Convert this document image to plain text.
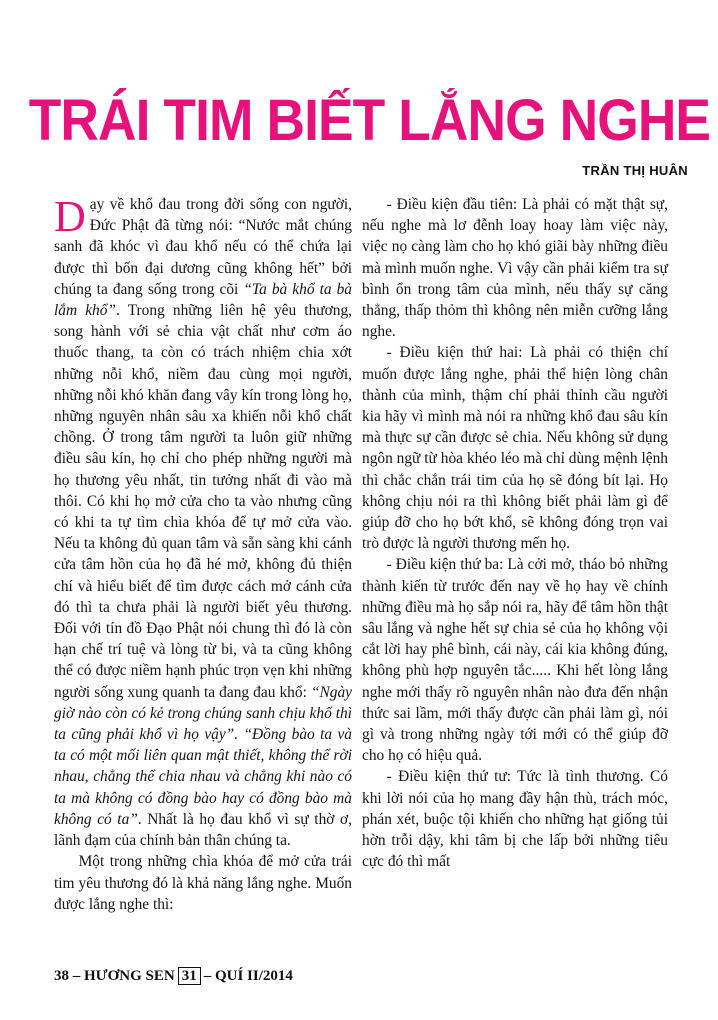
TRÁI TIM BIẾT LẮNG NGHE
TRẦN THỊ HUÂN

Dạy về khổ đau trong đời sống con người, Đức Phật đã từng nói: “Nước mắt chúng sanh đã khóc vì đau khổ nếu có thể chứa lại được thì bốn đại dương cũng không hết” bởi chúng ta đang sống trong cõi “Ta bà khổ ta bà lắm khổ”. Trong những liên hệ yêu thương, song hành với sẻ chia vật chất như cơm áo thuốc thang, ta còn có trách nhiệm chia xớt những nỗi khổ, niềm đau cùng mọi người, những nỗi khó khăn đang vây kín trong lòng họ, những nguyên nhân sâu xa khiến nỗi khổ chất chồng. Ở trong tâm người ta luôn giữ những điều sâu kín, họ chỉ cho phép những người mà họ thương yêu nhất, tin tưởng nhất đi vào mà thôi. Có khi họ mở cửa cho ta vào nhưng cũng có khi ta tự tìm chìa khóa để tự mở cửa vào. Nếu ta không đủ quan tâm và sẵn sàng khi cánh cửa tâm hồn của họ đã hé mở, không đủ thiện chí và hiểu biết để tìm được cách mở cánh cửa đó thì ta chưa phải là người biết yêu thương. Đối với tín đồ Đạo Phật nói chung thì đó là còn hạn chế trí tuệ và lòng từ bi, và ta cũng không thể có được niềm hạnh phúc trọn vẹn khi những người sống xung quanh ta đang đau khổ: “Ngày giờ nào còn có kẻ trong chúng sanh chịu khổ thì ta cũng phải khổ vì họ vậy”. “Đồng bào ta và ta có một mối liên quan mật thiết, không thể rời nhau, chẳng thể chia nhau và chẳng khi nào có ta mà không có đồng bào hay có đồng bào mà không có ta”. Nhất là họ đau khổ vì sự thờ ơ, lãnh đạm của chính bản thân chúng ta.

Một trong những chìa khóa để mở cửa trái tim yêu thương đó là khả năng lắng nghe. Muốn được lắng nghe thì:

- Điều kiện đầu tiên: Là phải có mặt thật sự, nếu nghe mà lơ đễnh loay hoay làm việc này, việc nọ càng làm cho họ khó giãi bày những điều mà mình muốn nghe. Vì vậy cần phải kiểm tra sự bình ổn trong tâm của mình, nếu thấy sự căng thẳng, thấp thỏm thì không nên miễn cưỡng lắng nghe.

- Điều kiện thứ hai: Là phải có thiện chí muốn được lắng nghe, phải thể hiện lòng chân thành của mình, thậm chí phải thỉnh cầu người kia hãy vì mình mà nói ra những khổ đau sâu kín mà thực sự cần được sẻ chia. Nếu không sử dụng ngôn ngữ từ hòa khéo léo mà chỉ dùng mệnh lệnh thì chắc chắn trái tim của họ sẽ đóng bít lại. Họ không chịu nói ra thì không biết phải làm gì để giúp đỡ cho họ bớt khổ, sẽ không đóng trọn vai trò được là người thương mến họ.

- Điều kiện thứ ba: Là cởi mở, tháo bỏ những thành kiến từ trước đến nay về họ hay về chính những điều mà họ sắp nói ra, hãy để tâm hồn thật sâu lắng và nghe hết sự chia sẻ của họ không vội cắt lời hay phê bình, cái này, cái kia không đúng, không phù hợp nguyên tắc..... Khi hết lòng lắng nghe mới thấy rõ nguyên nhân nào đưa đến nhận thức sai lầm, mới thấy được cần phải làm gì, nói gì và trong những ngày tới mới có thể giúp đỡ cho họ có hiệu quả.

- Điều kiện thứ tư: Tức là tình thương. Có khi lời nói của họ mang đầy hận thù, trách móc, phán xét, buộc tội khiến cho những hạt giống tủi hờn trỗi dậy, khi tâm bị che lấp bởi những tiêu cực đó thì mất

38 – HƯƠNG SEN 31 – QUÍ II/2014
